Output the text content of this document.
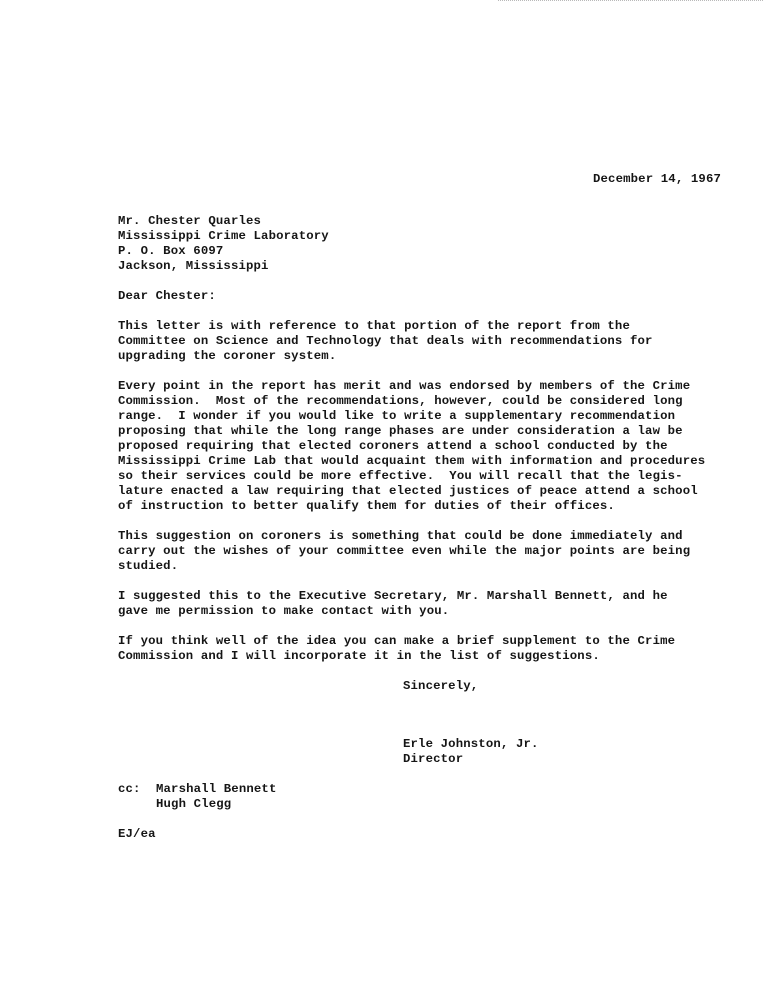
December 14, 1967
Mr. Chester Quarles
Mississippi Crime Laboratory
P. O. Box 6097
Jackson, Mississippi
Dear Chester:
This letter is with reference to that portion of the report from the
Committee on Science and Technology that deals with recommendations for
upgrading the coroner system.
Every point in the report has merit and was endorsed by members of the Crime
Commission.  Most of the recommendations, however, could be considered long
range.  I wonder if you would like to write a supplementary recommendation
proposing that while the long range phases are under consideration a law be
proposed requiring that elected coroners attend a school conducted by the
Mississippi Crime Lab that would acquaint them with information and procedures
so their services could be more effective.  You will recall that the legis-
lature enacted a law requiring that elected justices of peace attend a school
of instruction to better qualify them for duties of their offices.
This suggestion on coroners is something that could be done immediately and
carry out the wishes of your committee even while the major points are being
studied.
I suggested this to the Executive Secretary, Mr. Marshall Bennett, and he
gave me permission to make contact with you.
If you think well of the idea you can make a brief supplement to the Crime
Commission and I will incorporate it in the list of suggestions.
Sincerely,
Erle Johnston, Jr.
Director
cc: Marshall Bennett
Hugh Clegg
EJ/ea
